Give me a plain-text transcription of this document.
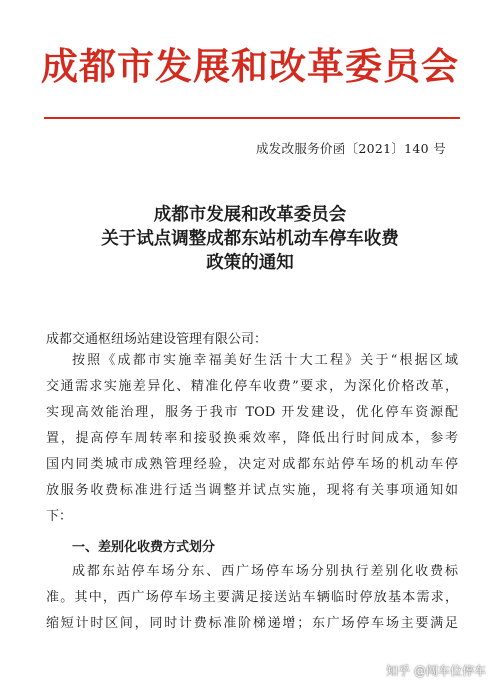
成都市发展和改革委员会
成发改服务价函〔2021〕140 号
成都市发展和改革委员会
关于试点调整成都东站机动车停车收费
政策的通知
成都交通枢纽场站建设管理有限公司：
按照《成都市实施幸福美好生活十大工程》关于“根据区域
交通需求实施差异化、精准化停车收费”要求，为深化价格改革，
实现高效能治理，服务于我市 TOD 开发建设，优化停车资源配
置，提高停车周转率和接驳换乘效率，降低出行时间成本，参考
国内同类城市成熟管理经验，决定对成都东站停车场的机动车停
放服务收费标准进行适当调整并试点实施，现将有关事项通知如
下：
一、差别化收费方式划分
成都东站停车场分东、西广场停车场分别执行差别化收费标
准。其中，西广场停车场主要满足接送站车辆临时停放基本需求，
缩短计时区间，同时计费标准阶梯递增；东广场停车场主要满足
知乎 @闯车位停车
